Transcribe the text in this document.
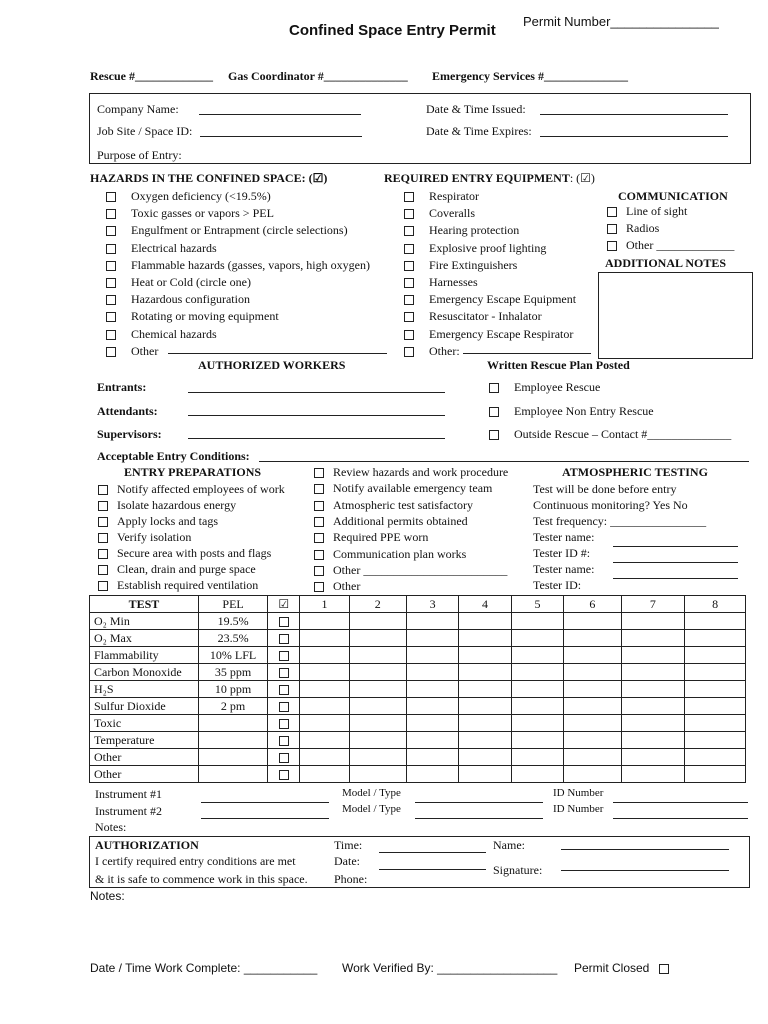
Confined Space Entry Permit
Permit Number_______________
Rescue #_____________ Gas Coordinator #______________ Emergency Services #______________
Company Name:
Job Site / Space ID:
Purpose of Entry:
Date & Time Issued:
Date & Time Expires:
HAZARDS IN THE CONFINED SPACE: (☑)
Oxygen deficiency (<19.5%)
Toxic gasses or vapors > PEL
Engulfment or Entrapment (circle selections)
Electrical hazards
Flammable hazards (gasses, vapors, high oxygen)
Heat or Cold (circle one)
Hazardous configuration
Rotating or moving equipment
Chemical hazards
Other
REQUIRED ENTRY EQUIPMENT: (☑)
Respirator
Coveralls
Hearing protection
Explosive proof lighting
Fire Extinguishers
Harnesses
Emergency Escape Equipment
Resuscitator - Inhalator
Emergency Escape Respirator
Other:
COMMUNICATION
Line of sight
Radios
Other _____________
ADDITIONAL NOTES
AUTHORIZED WORKERS
Entrants:
Attendants:
Supervisors:
Written Rescue Plan Posted
Employee Rescue
Employee Non Entry Rescue
Outside Rescue – Contact #______________
Acceptable Entry Conditions:
ENTRY PREPARATIONS
Notify affected employees of work
Isolate hazardous energy
Apply locks and tags
Verify isolation
Secure area with posts and flags
Clean, drain and purge space
Establish required ventilation
Review hazards and work procedure
Notify available emergency team
Atmospheric test satisfactory
Additional permits obtained
Required PPE worn
Communication plan works
Other ________________________
Other
ATMOSPHERIC TESTING
Test will be done before entry
Continuous monitoring? Yes No
Test frequency: ________________
Tester name:
Tester ID #:
Tester name:
Tester ID:
TEST	PEL	☑	1	2	3	4	5	6	7	8
O₂ Min	19.5%									
O₂ Max	23.5%									
Flammability	10% LFL									
Carbon Monoxide	35 ppm									
H₂S	10 ppm									
Sulfur Dioxide	2 pm									
Toxic										
Temperature										
Other										
Other										
Instrument #1	Model / Type	ID Number
Instrument #2	Model / Type	ID Number
Notes:
AUTHORIZATION
I certify required entry conditions are met
& it is safe to commence work in this space.
Time:
Date:
Phone:
Name:
Signature:
Notes:
Date / Time Work Complete: ___________ Work Verified By: __________________ Permit Closed
